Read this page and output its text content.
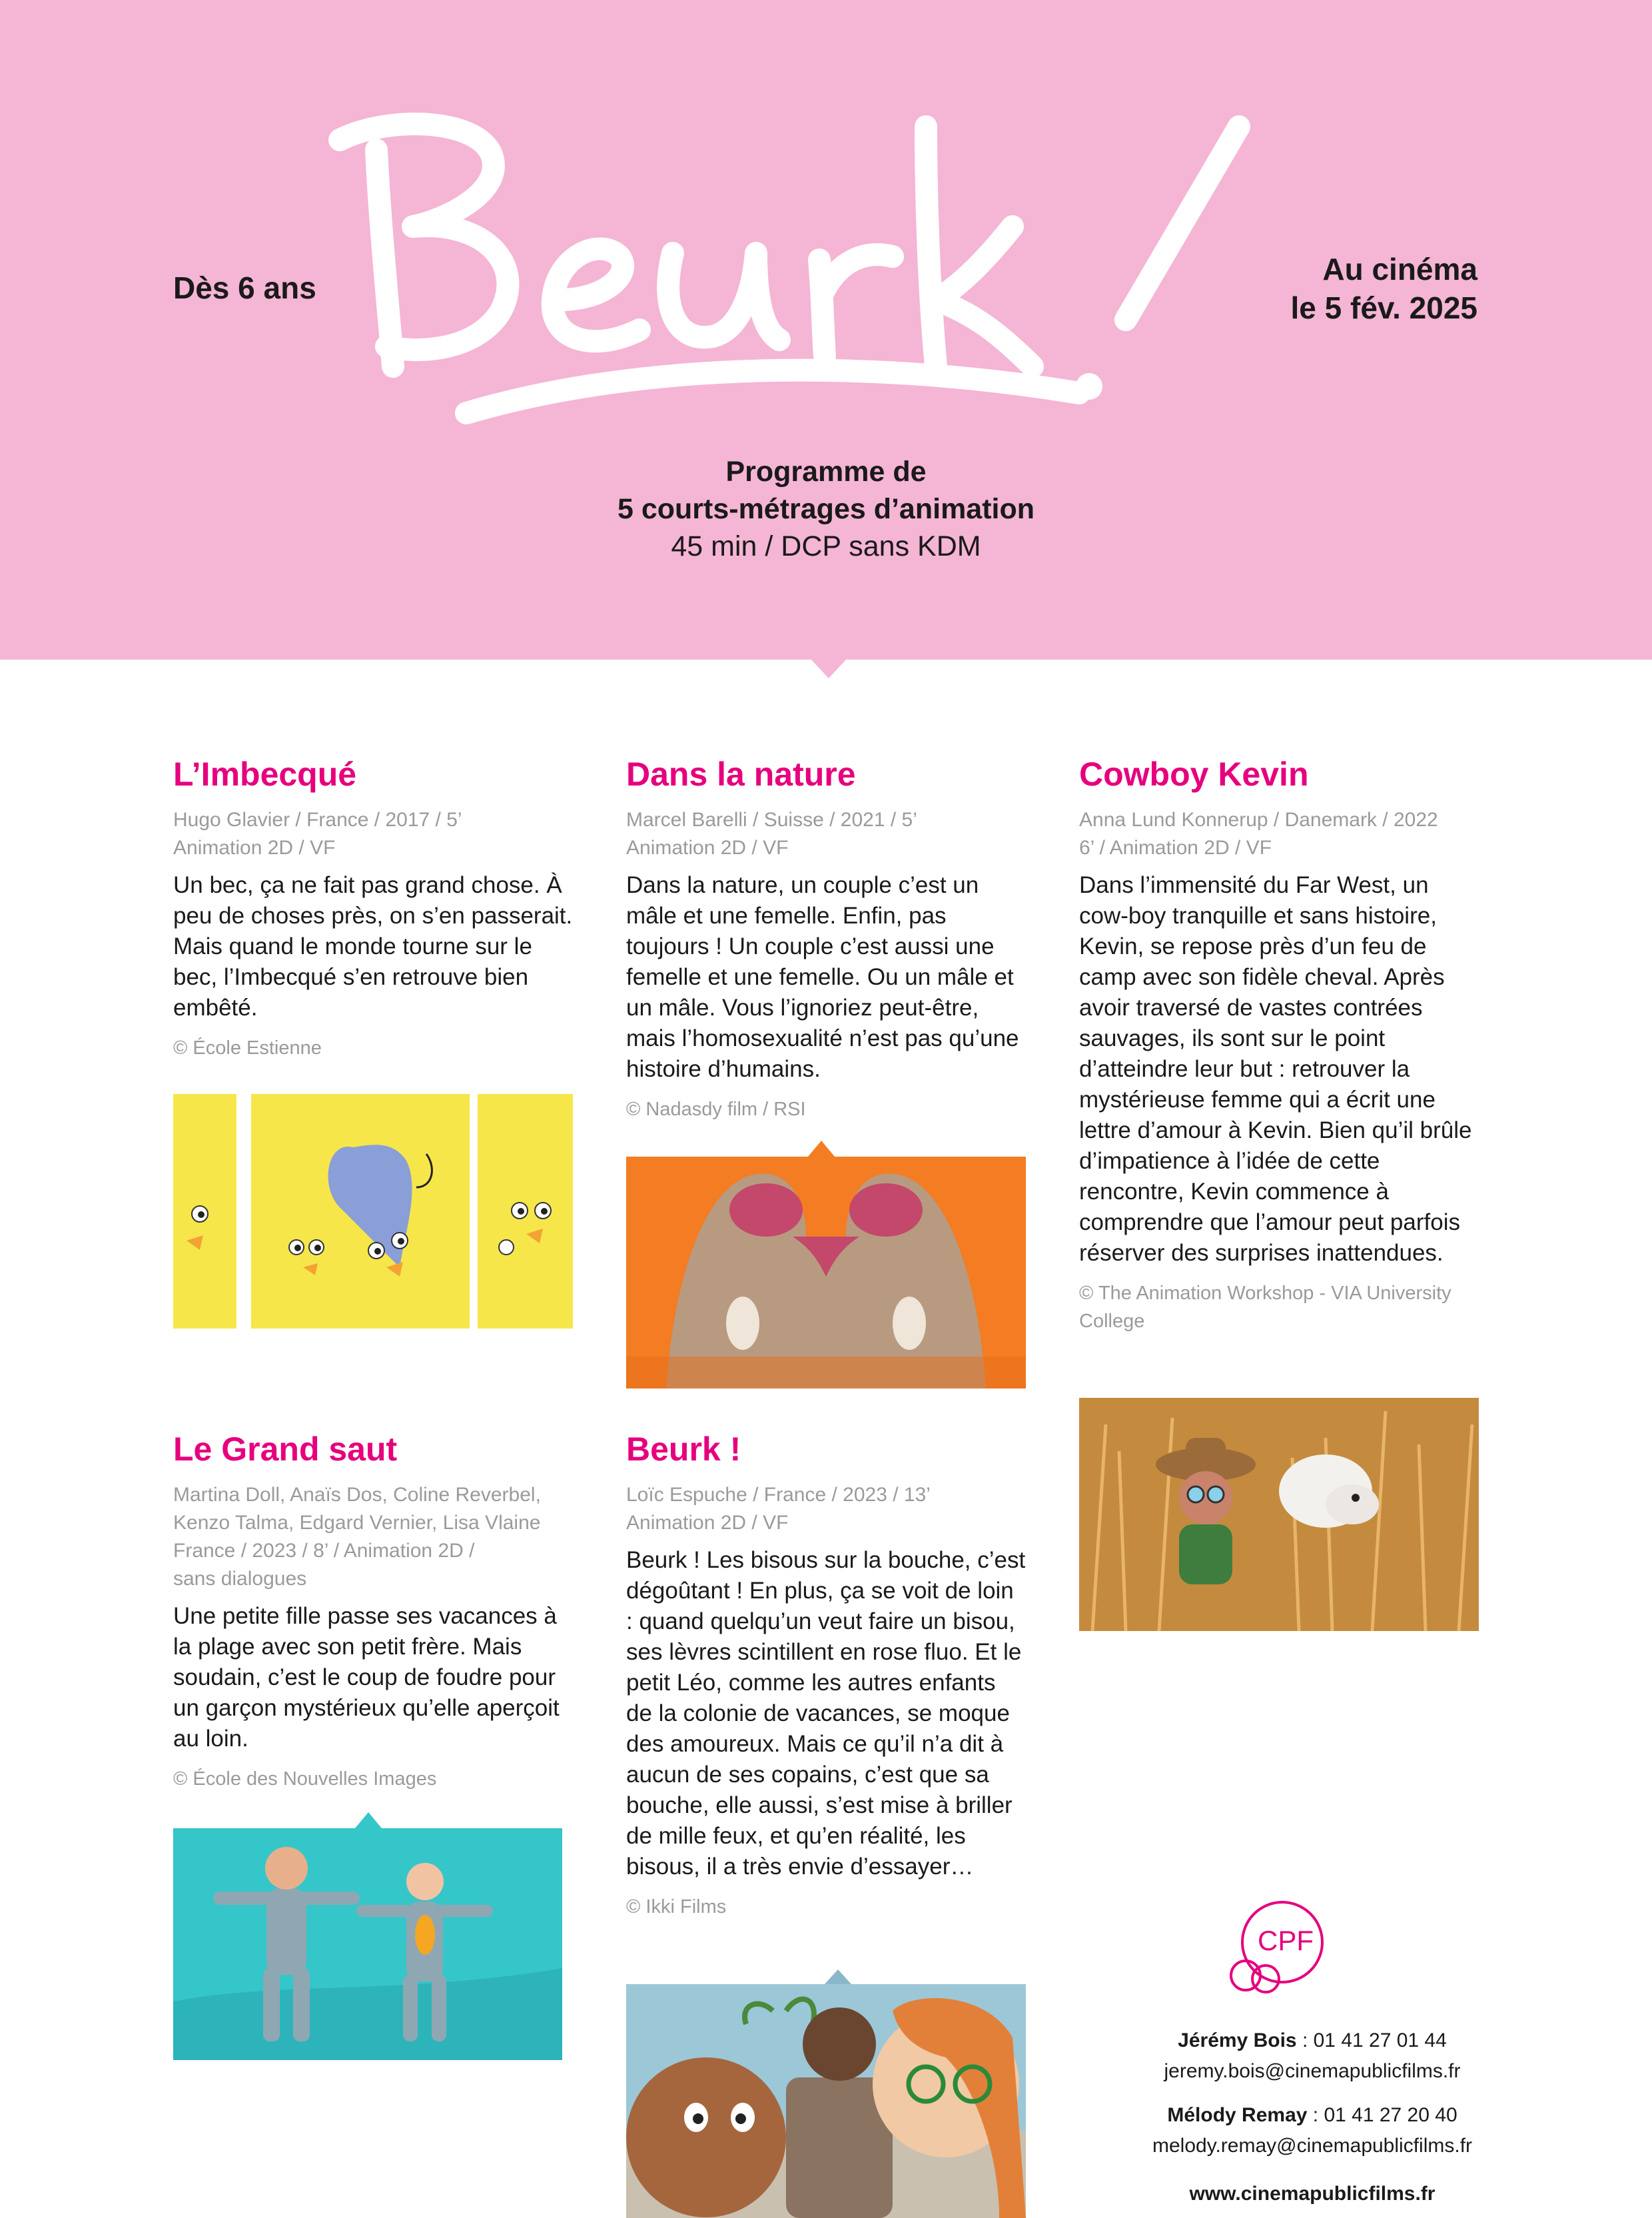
Dès 6 ans
Au cinéma
le 5 fév. 2025
Programme de
5 courts-métrages d’animation
45 min / DCP sans KDM
L’Imbecqué
Hugo Glavier / France / 2017 / 5’
Animation 2D / VF

Un bec, ça ne fait pas grand chose. À peu de choses près, on s’en passerait. Mais quand le monde tourne sur le bec, l’Imbecqué s’en retrouve bien embêté.

© École Estienne
Dans la nature
Marcel Barelli / Suisse / 2021 / 5’
Animation 2D / VF

Dans la nature, un couple c’est un mâle et une femelle. Enfin, pas toujours ! Un couple c’est aussi une femelle et une femelle. Ou un mâle et un mâle. Vous l’ignoriez peut-être, mais l’homosexualité n’est pas qu’une histoire d’humains.

© Nadasdy film / RSI
Cowboy Kevin
Anna Lund Konnerup / Danemark / 2022
6’ / Animation 2D / VF

Dans l’immensité du Far West, un cow-boy tranquille et sans histoire, Kevin, se repose près d’un feu de camp avec son fidèle cheval. Après avoir traversé de vastes contrées sauvages, ils sont sur le point d’atteindre leur but : retrouver la mystérieuse femme qui a écrit une lettre d’amour à Kevin. Bien qu’il brûle d’impatience à l’idée de cette rencontre, Kevin commence à comprendre que l’amour peut parfois réserver des surprises inattendues.

© The Animation Workshop - VIA University College
Le Grand saut
Martina Doll, Anaïs Dos, Coline Reverbel,
Kenzo Talma, Edgard Vernier, Lisa Vlaine
France / 2023 / 8’ / Animation 2D /
sans dialogues

Une petite fille passe ses vacances à la plage avec son petit frère. Mais soudain, c’est le coup de foudre pour un garçon mystérieux qu’elle aperçoit au loin.

© École des Nouvelles Images
Beurk !
Loïc Espuche / France / 2023 / 13’
Animation 2D / VF

Beurk ! Les bisous sur la bouche, c’est dégoûtant ! En plus, ça se voit de loin : quand quelqu’un veut faire un bisou, ses lèvres scintillent en rose fluo. Et le petit Léo, comme les autres enfants de la colonie de vacances, se moque des amoureux. Mais ce qu’il n’a dit à aucun de ses copains, c’est que sa bouche, elle aussi, s’est mise à briller de mille feux, et qu’en réalité, les bisous, il a très envie d’essayer…

© Ikki Films
CPF
Jérémy Bois : 01 41 27 01 44
jeremy.bois@cinemapublicfilms.fr
Mélody Remay : 01 41 27 20 40
melody.remay@cinemapublicfilms.fr
www.cinemapublicfilms.fr
